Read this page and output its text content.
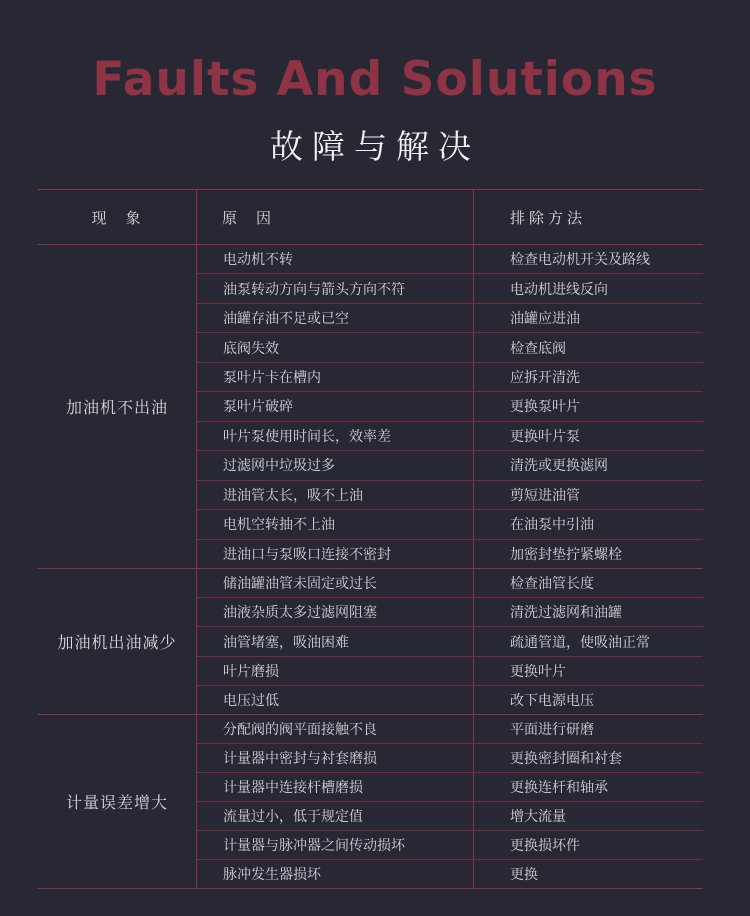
Faults And Solutions
故障与解决
现　象	原　因	排除方法
加油机不出油
电动机不转	检查电动机开关及路线
油泵转动方向与箭头方向不符	电动机进线反向
油罐存油不足或已空	油罐应进油
底阀失效	检查底阀
泵叶片卡在槽内	应拆开清洗
泵叶片破碎	更换泵叶片
叶片泵使用时间长，效率差	更换叶片泵
过滤网中垃圾过多	清洗或更换滤网
进油管太长，吸不上油	剪短进油管
电机空转抽不上油	在油泵中引油
进油口与泵吸口连接不密封	加密封垫拧紧螺栓
加油机出油减少
储油罐油管未固定或过长	检查油管长度
油液杂质太多过滤网阻塞	清洗过滤网和油罐
油管堵塞，吸油困难	疏通管道，使吸油正常
叶片磨损	更换叶片
电压过低	改下电源电压
计量误差增大
分配阀的阀平面接触不良	平面进行研磨
计量器中密封与衬套磨损	更换密封圈和衬套
计量器中连接杆槽磨损	更换连杆和轴承
流量过小，低于规定值	增大流量
计量器与脉冲器之间传动损坏	更换损坏件
脉冲发生器损坏	更换
